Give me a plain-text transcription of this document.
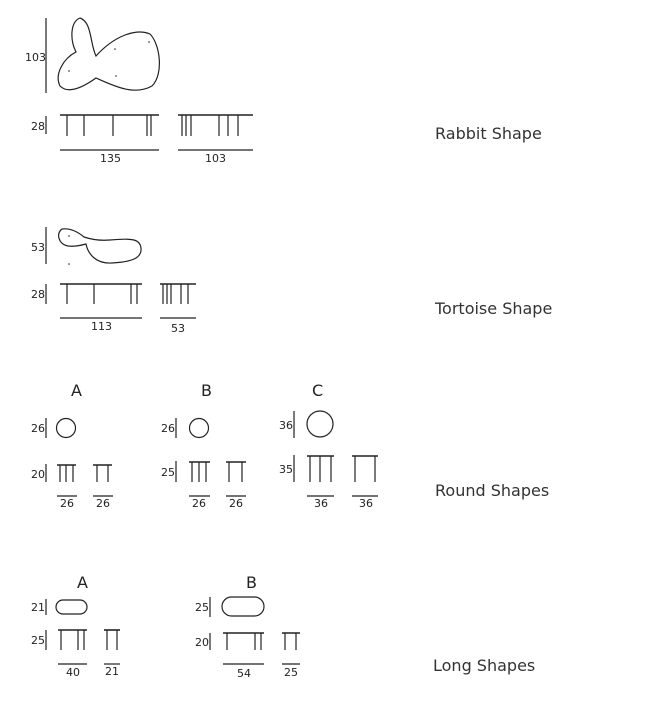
103
28
135	103
53
28
113	53
A
26
20
26 26
B
26
25
26 26
C
36
35
36	36
A
21
25
40 21
B
25
20
54	25
Rabbit Shape
Tortoise Shape
Round Shapes
Long Shapes
